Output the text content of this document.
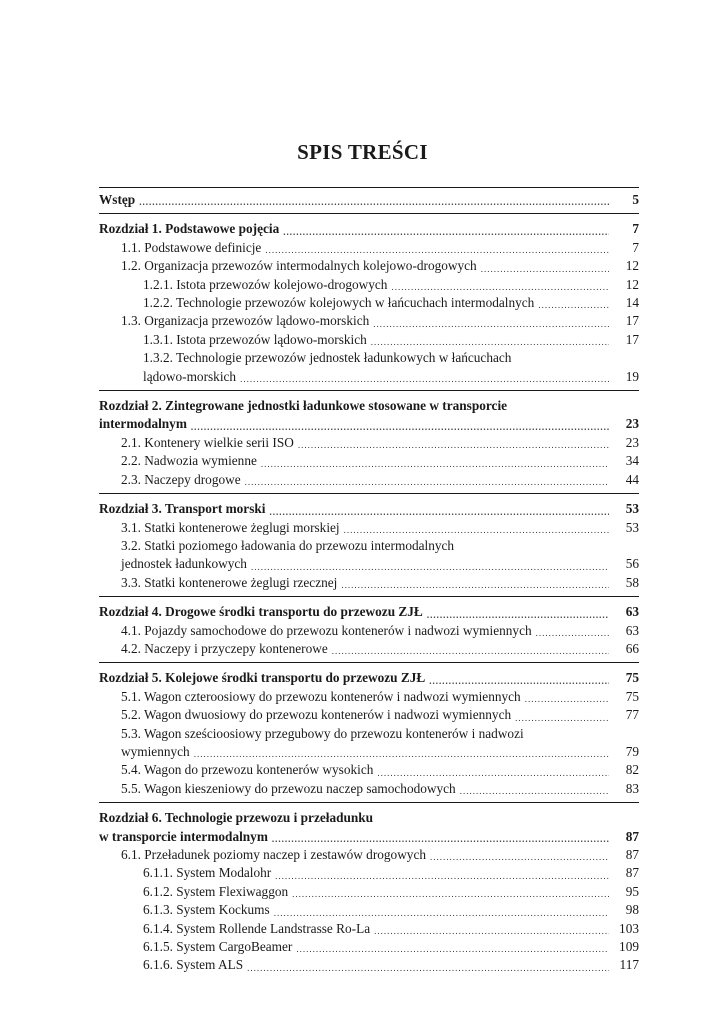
SPIS TREŚCI
Wstęp .....	5
Rozdział 1. Podstawowe pojęcia .....	7
1.1. Podstawowe definicje .....	7
1.2. Organizacja przewozów intermodalnych kolejowo-drogowych .....	12
1.2.1. Istota przewozów kolejowo-drogowych .....	12
1.2.2. Technologie przewozów kolejowych w łańcuchach intermodalnych .....	14
1.3. Organizacja przewozów lądowo-morskich .....	17
1.3.1. Istota przewozów lądowo-morskich .....	17
1.3.2. Technologie przewozów jednostek ładunkowych w łańcuchach
lądowo-morskich .....	19
Rozdział 2. Zintegrowane jednostki ładunkowe stosowane w transporcie
intermodalnym .....	23
2.1. Kontenery wielkie serii ISO .....	23
2.2. Nadwozia wymienne .....	34
2.3. Naczepy drogowe .....	44
Rozdział 3. Transport morski .....	53
3.1. Statki kontenerowe żeglugi morskiej .....	53
3.2. Statki poziomego ładowania do przewozu intermodalnych
jednostek ładunkowych .....	56
3.3. Statki kontenerowe żeglugi rzecznej .....	58
Rozdział 4. Drogowe środki transportu do przewozu ZJŁ .....	63
4.1. Pojazdy samochodowe do przewozu kontenerów i nadwozi wymiennych .....	63
4.2. Naczepy i przyczepy kontenerowe .....	66
Rozdział 5. Kolejowe środki transportu do przewozu ZJŁ .....	75
5.1. Wagon czteroosiowy do przewozu kontenerów i nadwozi wymiennych .....	75
5.2. Wagon dwuosiowy do przewozu kontenerów i nadwozi wymiennych .....	77
5.3. Wagon sześcioosiowy przegubowy do przewozu kontenerów i nadwozi
wymiennych .....	79
5.4. Wagon do przewozu kontenerów wysokich .....	82
5.5. Wagon kieszeniowy do przewozu naczep samochodowych .....	83
Rozdział 6. Technologie przewozu i przeładunku
w transporcie intermodalnym .....	87
6.1. Przeładunek poziomy naczep i zestawów drogowych .....	87
6.1.1. System Modalohr .....	87
6.1.2. System Flexiwaggon .....	95
6.1.3. System Kockums .....	98
6.1.4. System Rollende Landstrasse Ro-La .....	103
6.1.5. System CargoBeamer .....	109
6.1.6. System ALS .....	117
